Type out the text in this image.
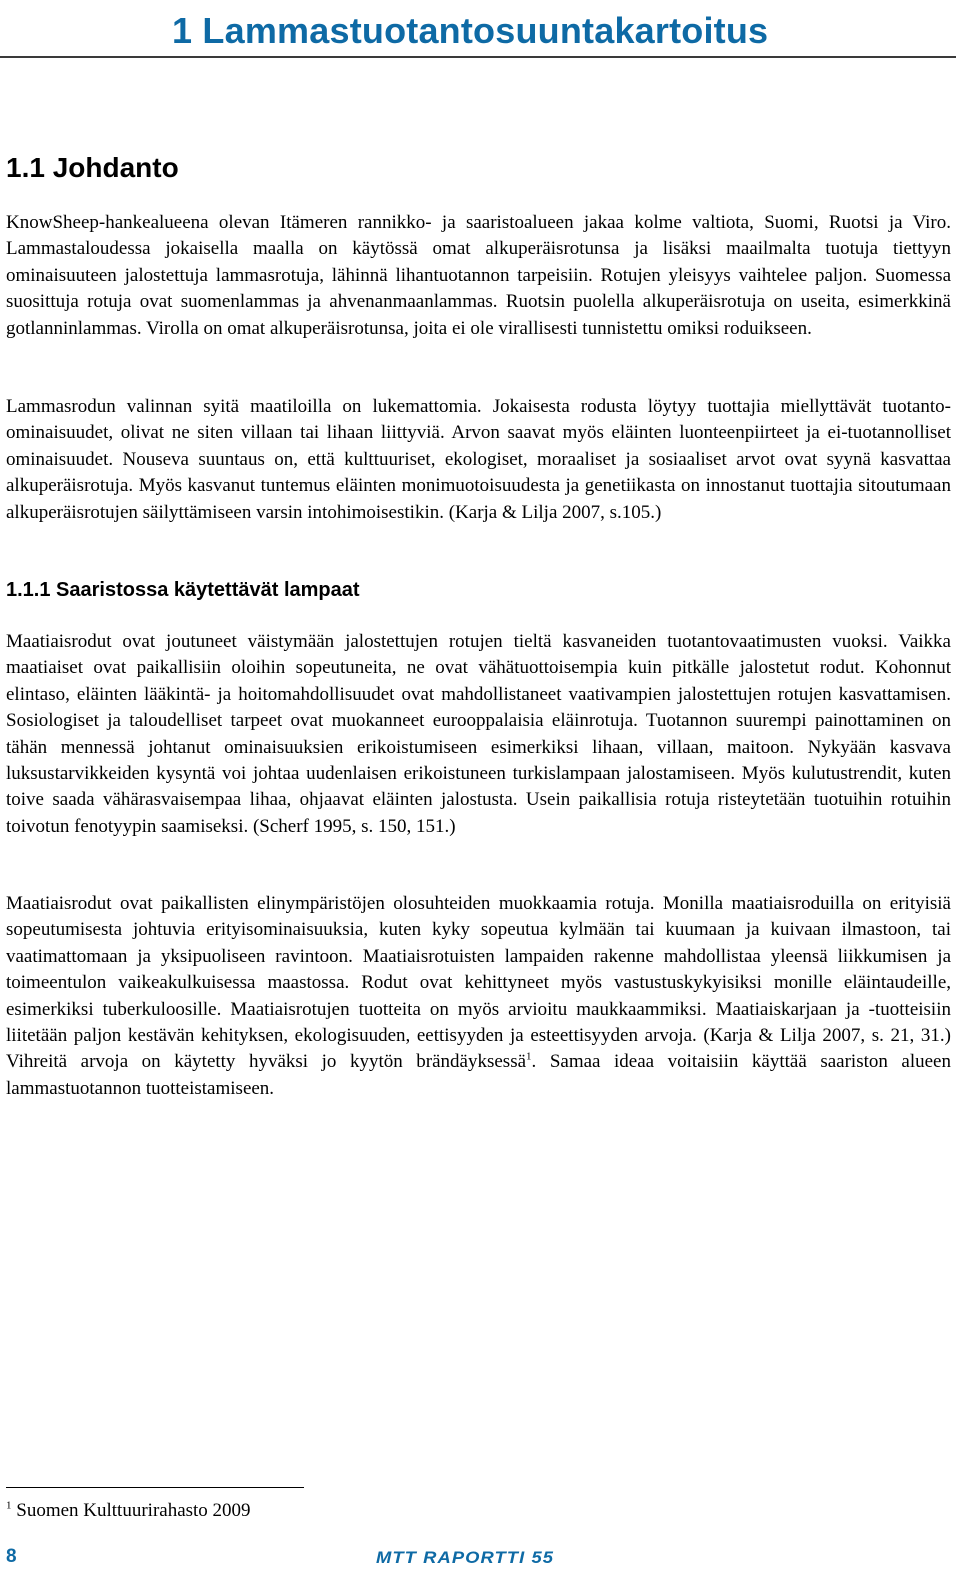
1 Lammastuotantosuuntakartoitus
1.1 Johdanto

KnowSheep-hankealueena olevan Itämeren rannikko- ja saaristoalueen jakaa kolme valtiota, Suomi, Ruotsi ja Viro. Lammastaloudessa jokaisella maalla on käytössä omat alkuperäisrotunsa ja lisäksi maailmalta tuotuja tiettyyn ominaisuuteen jalostettuja lammasrotuja, lähinnä lihantuotannon tarpeisiin. Rotujen yleisyys vaihtelee paljon. Suomessa suosittuja rotuja ovat suomenlammas ja ahvenanmaanlammas. Ruotsin puolella alkuperäisrotuja on useita, esimerkkinä gotlanninlammas. Virolla on omat alkuperäisrotunsa, joita ei ole virallisesti tunnistettu omiksi roduikseen.

Lammasrodun valinnan syitä maatiloilla on lukemattomia. Jokaisesta rodusta löytyy tuottajia miellyttävät tuotanto-ominaisuudet, olivat ne siten villaan tai lihaan liittyviä. Arvon saavat myös eläinten luonteenpiirteet ja ei-tuotannolliset ominaisuudet. Nouseva suuntaus on, että kulttuuriset, ekologiset, moraaliset ja sosiaaliset arvot ovat syynä kasvattaa alkuperäisrotuja. Myös kasvanut tuntemus eläinten monimuotoisuudesta ja genetiikasta on innostanut tuottajia sitoutumaan alkuperäisrotujen säilyttämiseen varsin intohimoisestikin. (Karja & Lilja 2007, s.105.)

1.1.1 Saaristossa käytettävät lampaat

Maatiaisrodut ovat joutuneet väistymään jalostettujen rotujen tieltä kasvaneiden tuotantovaatimusten vuoksi. Vaikka maatiaiset ovat paikallisiin oloihin sopeutuneita, ne ovat vähätuottoisempia kuin pitkälle jalostetut rodut. Kohonnut elintaso, eläinten lääkintä- ja hoitomahdollisuudet ovat mahdollistaneet vaativampien jalostettujen rotujen kasvattamisen. Sosiologiset ja taloudelliset tarpeet ovat muokanneet eurooppalaisia eläinrotuja. Tuotannon suurempi painottaminen on tähän mennessä johtanut ominaisuuksien erikoistumiseen esimerkiksi lihaan, villaan, maitoon. Nykyään kasvava luksustarvikkeiden kysyntä voi johtaa uudenlaisen erikoistuneen turkislampaan jalostamiseen. Myös kulutustrendit, kuten toive saada vähärasvaisempaa lihaa, ohjaavat eläinten jalostusta. Usein paikallisia rotuja risteytetään tuotuihin rotuihin toivotun fenotyypin saamiseksi. (Scherf 1995, s. 150, 151.)

Maatiaisrodut ovat paikallisten elinympäristöjen olosuhteiden muokkaamia rotuja. Monilla maatiaisroduilla on erityisiä sopeutumisesta johtuvia erityisominaisuuksia, kuten kyky sopeutua kylmään tai kuumaan ja kuivaan ilmastoon, tai vaatimattomaan ja yksipuoliseen ravintoon. Maatiaisrotuisten lampaiden rakenne mahdollistaa yleensä liikkumisen ja toimeentulon vaikeakulkuisessa maastossa. Rodut ovat kehittyneet myös vastustuskykyisiksi monille eläintaudeille, esimerkiksi tuberkuloosille. Maatiaisrotujen tuotteita on myös arvioitu maukkaammiksi. Maatiaiskarjaan ja -tuotteisiin liitetään paljon kestävän kehityksen, ekologisuuden, eettisyyden ja esteettisyyden arvoja. (Karja & Lilja 2007, s. 21, 31.) Vihreitä arvoja on käytetty hyväksi jo kyytön brändäyksessä$^1$. Samaa ideaa voitaisiin käyttää saariston alueen lammastuotannon tuotteistamiseen.

$^1$ Suomen Kulttuurirahasto 2009

8	MTT RAPORTTI 55
